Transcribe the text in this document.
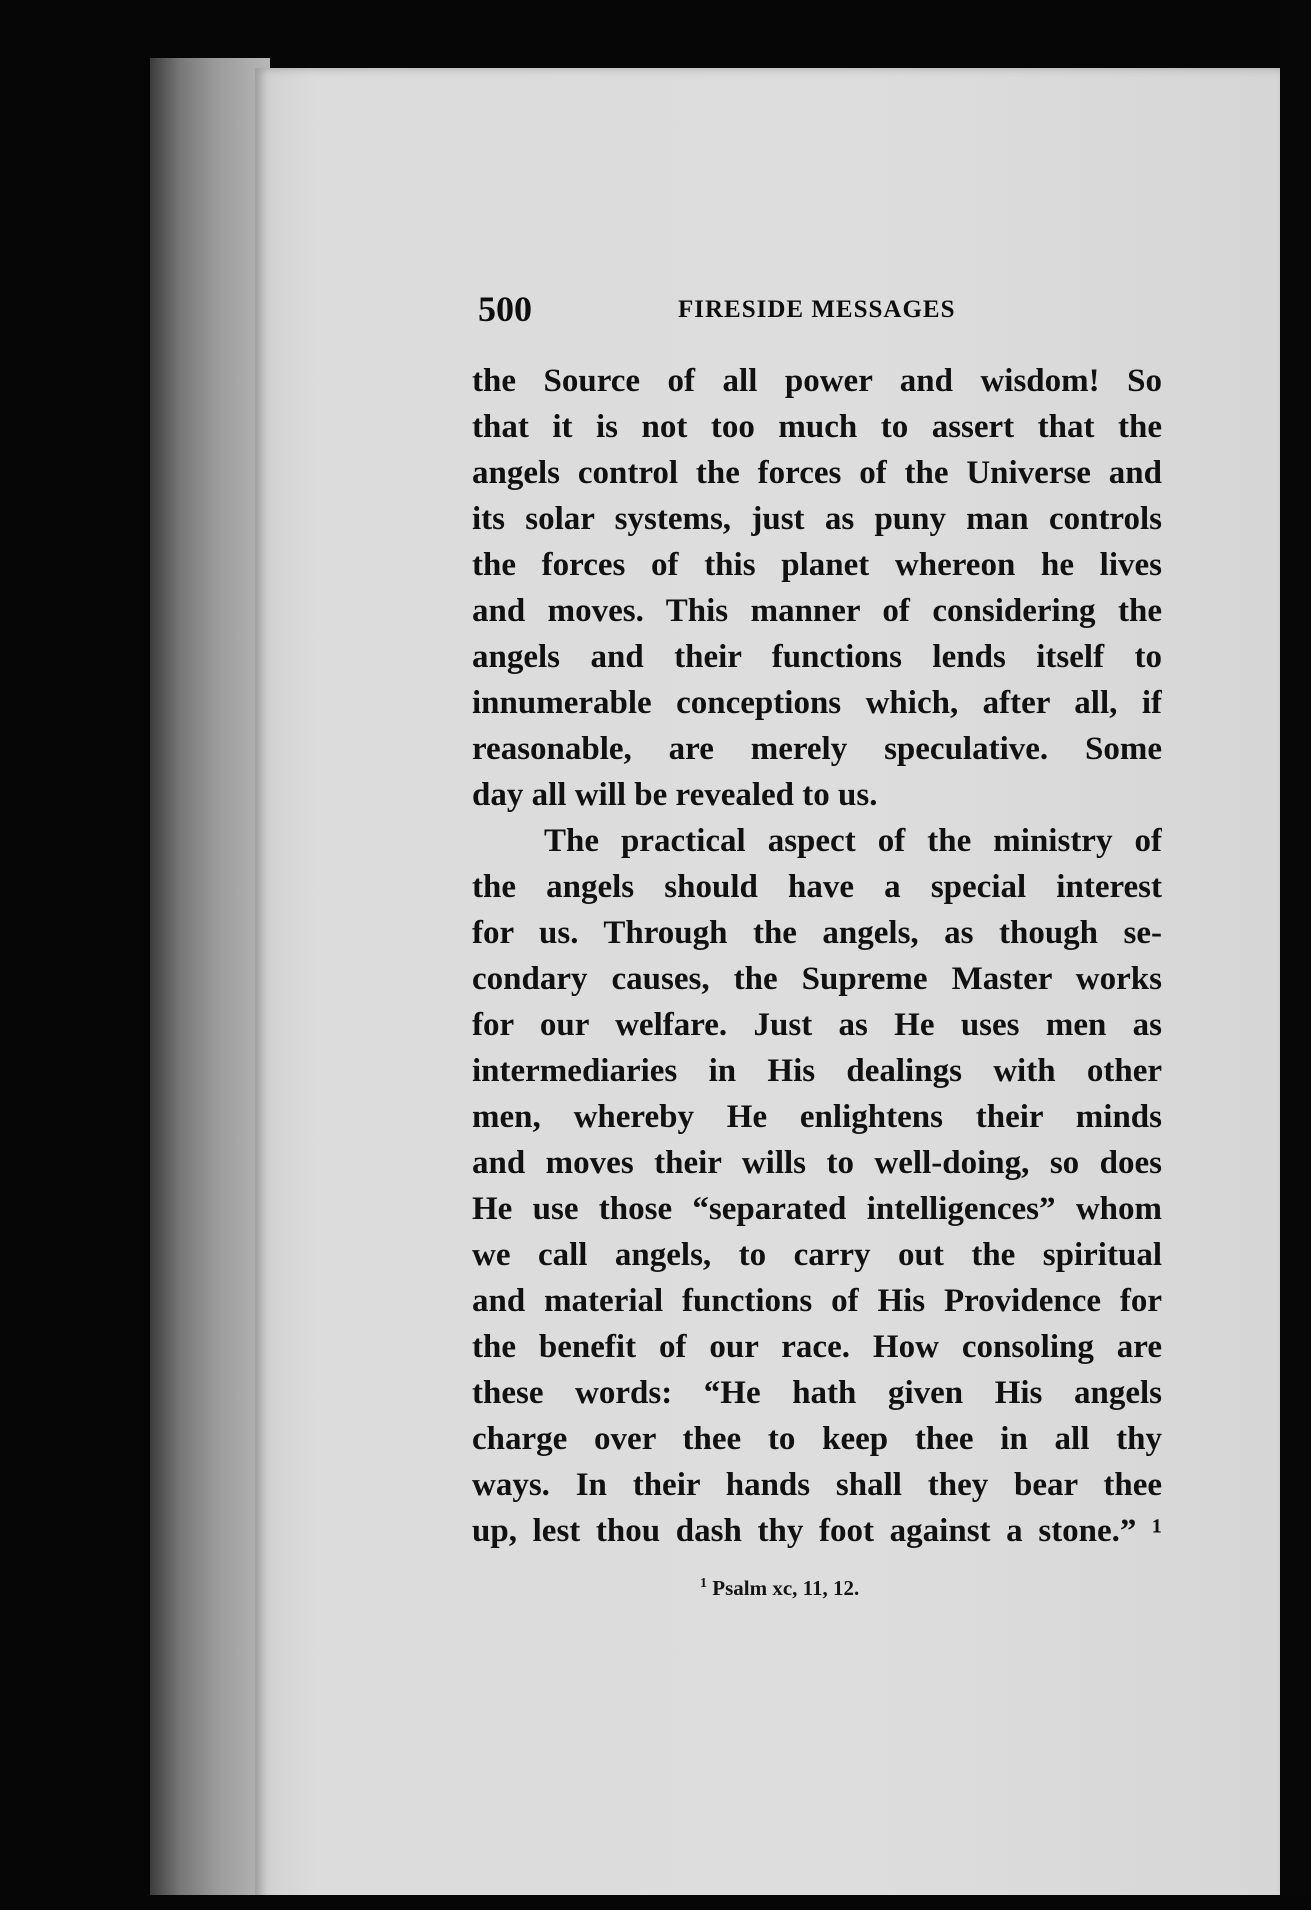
500	FIRESIDE MESSAGES
the Source of all power and wisdom! So
that it is not too much to assert that the
angels control the forces of the Universe and
its solar systems, just as puny man controls
the forces of this planet whereon he lives
and moves. This manner of considering the
angels and their functions lends itself to
innumerable conceptions which, after all, if
reasonable, are merely speculative. Some
day all will be revealed to us.
The practical aspect of the ministry of
the angels should have a special interest
for us. Through the angels, as though se-
condary causes, the Supreme Master works
for our welfare. Just as He uses men as
intermediaries in His dealings with other
men, whereby He enlightens their minds
and moves their wills to well-doing, so does
He use those “separated intelligences” whom
we call angels, to carry out the spiritual
and material functions of His Providence for
the benefit of our race. How consoling are
these words: “He hath given His angels
charge over thee to keep thee in all thy
ways. In their hands shall they bear thee
up, lest thou dash thy foot against a stone.” ¹
$^1$ Psalm xc, 11, 12.
